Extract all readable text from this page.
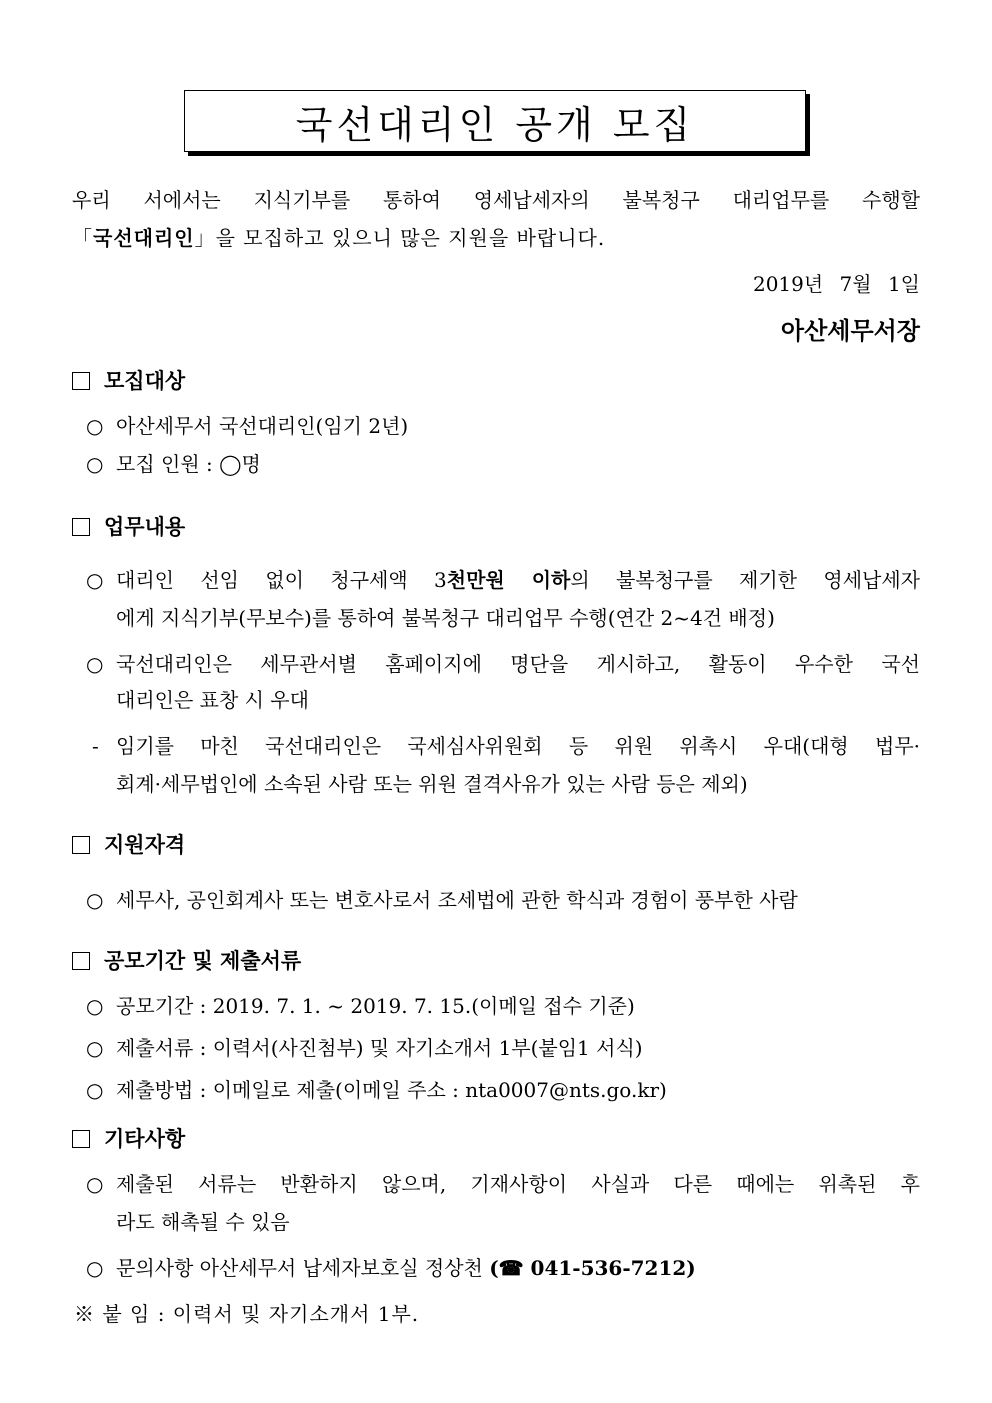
국선대리인 공개 모집
우리 서에서는 지식기부를 통하여 영세납세자의 불복청구 대리업무를 수행할
「국선대리인」을 모집하고 있으니 많은 지원을 바랍니다.
2019년 7월 1일
아산세무서장
모집대상
○ 아산세무서 국선대리인(임기 2년)
○ 모집 인원 : ◯명
업무내용
○ 대리인 선임 없이 청구세액 3천만원 이하의 불복청구를 제기한 영세납세자
에게 지식기부(무보수)를 통하여 불복청구 대리업무 수행(연간 2~4건 배정)
○ 국선대리인은 세무관서별 홈페이지에 명단을 게시하고, 활동이 우수한 국선
대리인은 표창 시 우대
- 임기를 마친 국선대리인은 국세심사위원회 등 위원 위촉시 우대(대형 법무·
회계·세무법인에 소속된 사람 또는 위원 결격사유가 있는 사람 등은 제외)
지원자격
○ 세무사, 공인회계사 또는 변호사로서 조세법에 관한 학식과 경험이 풍부한 사람
공모기간 및 제출서류
○ 공모기간 : 2019. 7. 1. ~ 2019. 7. 15.(이메일 접수 기준)
○ 제출서류 : 이력서(사진첨부) 및 자기소개서 1부(붙임1 서식)
○ 제출방법 : 이메일로 제출(이메일 주소 : nta0007@nts.go.kr)
기타사항
○ 제출된 서류는 반환하지 않으며, 기재사항이 사실과 다른 때에는 위촉된 후
라도 해촉될 수 있음
○ 문의사항 아산세무서 납세자보호실 정상천 (☎ 041-536-7212)
※ 붙 임 : 이력서 및 자기소개서 1부.
